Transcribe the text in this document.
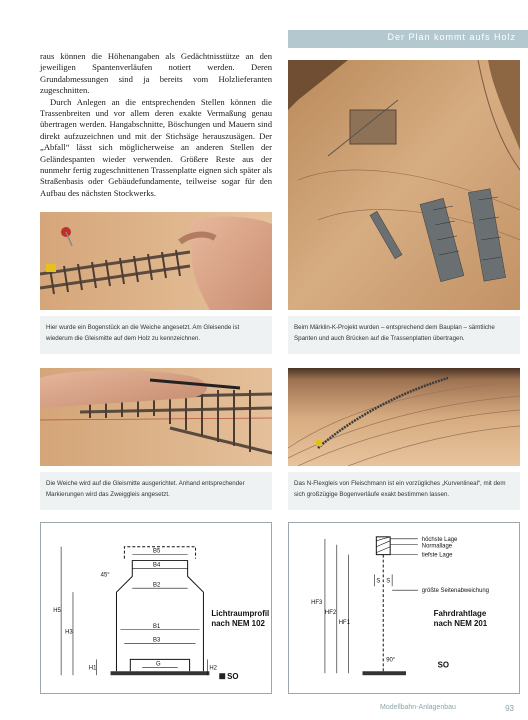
Der Plan kommt aufs Holz

raus können die Höhenangaben als Gedächtnisstütze an den jeweiligen Spantenverläufen notiert werden. Deren Grundabmessungen sind ja bereits vom Holzlieferanten zugeschnitten.

Durch Anlegen an die entsprechenden Stellen können die Trassenbreiten und vor allem deren exakte Vermaßung genau übertragen werden. Hangabschnitte, Böschungen und Mauern sind direkt aufzuzeichnen und mit der Stichsäge herauszusägen. Der „Abfall“ lässt sich möglicherweise an anderen Stellen der Geländespanten wieder verwenden. Größere Reste aus der nunmehr fertig zugeschnittenen Trassenplatte eignen sich später als Straßenbasis oder Gebäudefundamente, teilweise sogar für den Aufbau des nächsten Stockwerks.

Hier wurde ein Bogenstück an die Weiche angesetzt. Am Gleisende ist wiederum die Gleismitte auf dem Holz zu kennzeichnen.
Beim Märklin-K-Projekt wurden – entsprechend dem Bauplan – sämtliche Spanten und auch Brücken auf die Trassenplatten übertragen.
Die Weiche wird auf die Gleismitte ausgerichtet. Anhand entsprechender Markierungen wird das Zweiggleis angesetzt.
Das N-Flexgleis von Fleischmann ist ein vorzügliches „Kurvenlineal“, mit dem sich großzügige Bogenverläufe exakt bestimmen lassen.
B5
B4
B2
B1
B3
G
45°
H5
H3
H1	H2
SO
Lichtraumprofil
nach NEM 102
höchste Lage
Normallage
tiefste Lage
größte Seitenabweichung
S S
HF3
HF2
HF1
90°	SO
Fahrdrahtlage
nach NEM 201
Modellbahn-Anlagenbau	93
